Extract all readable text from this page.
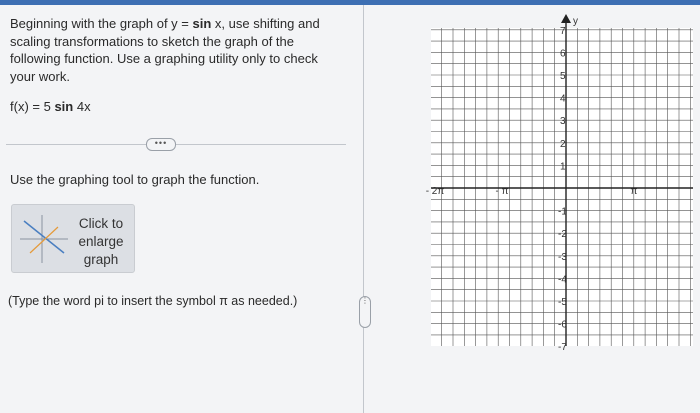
Beginning with the graph of y = sin x, use shifting and scaling transformations to sketch the graph of the following function. Use a graphing utility only to check your work.
f(x) = 5 sin 4x
•••
Use the graphing tool to graph the function.
Click to
enlarge
graph
(Type the word pi to insert the symbol π as needed.)	⋮
y
- 2π	- π	π
7
6
5
4
3
2
1
-1
-2
-3
-4
-5
-6
-7
